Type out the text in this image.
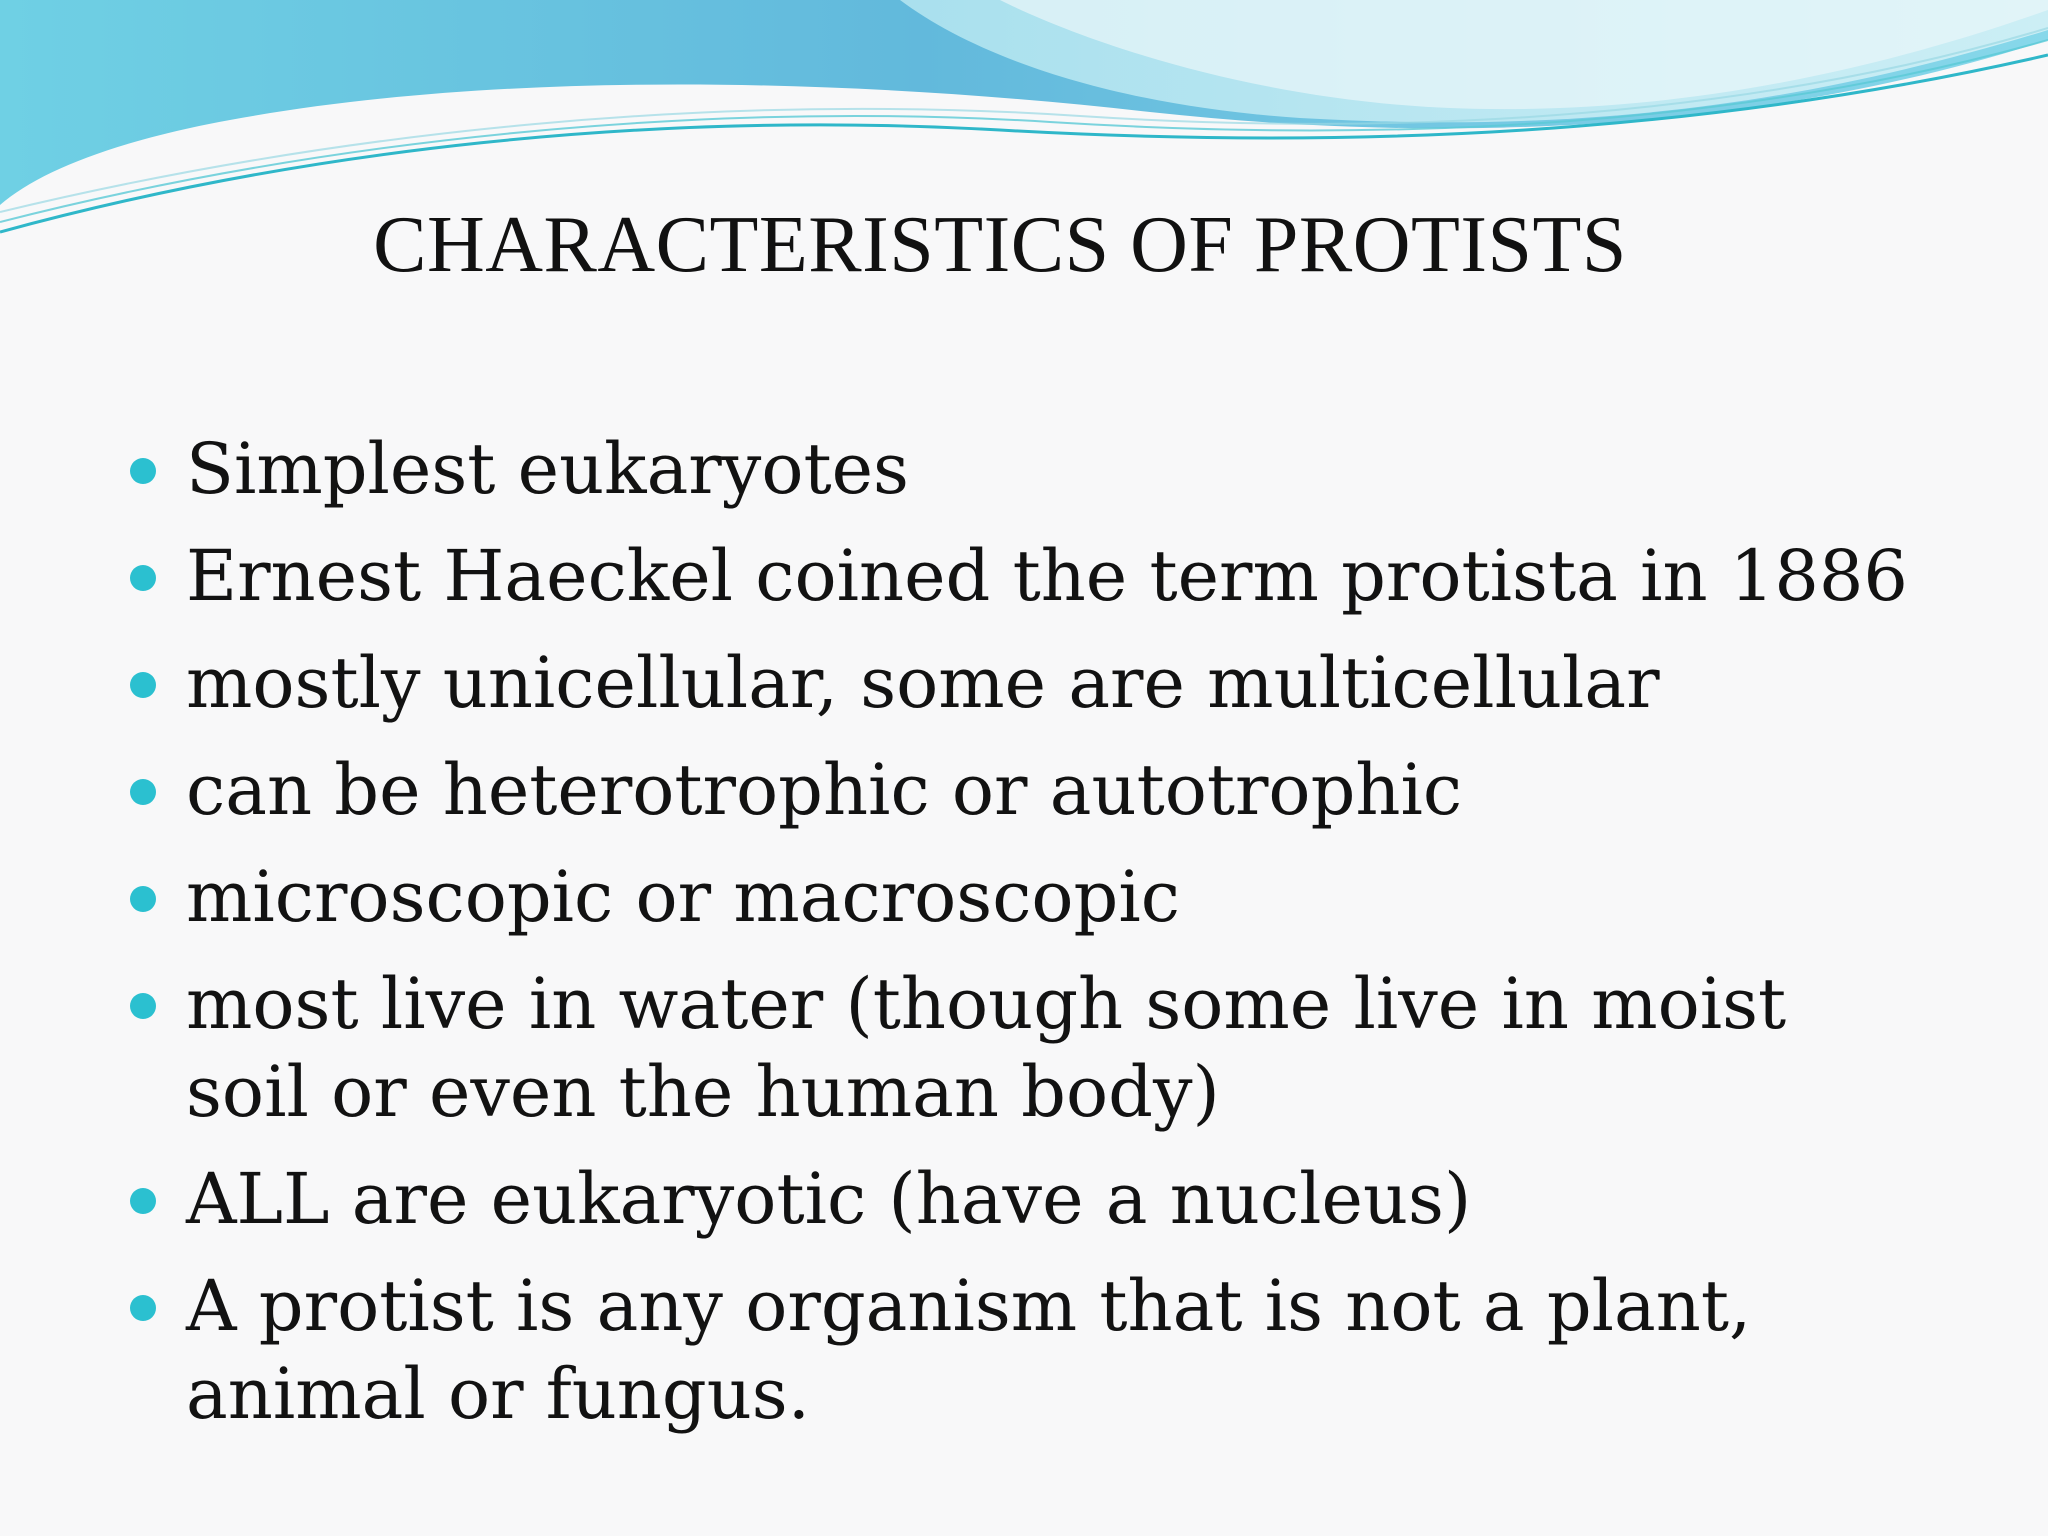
CHARACTERISTICS OF PROTISTS
Simplest eukaryotes
Ernest Haeckel coined the term protista in 1886
mostly unicellular, some are multicellular
can be heterotrophic or autotrophic
microscopic or macroscopic
most live in water (though some live in moist soil or even the human body)
ALL are eukaryotic (have a nucleus)
A protist is any organism that is not a plant, animal or fungus.
